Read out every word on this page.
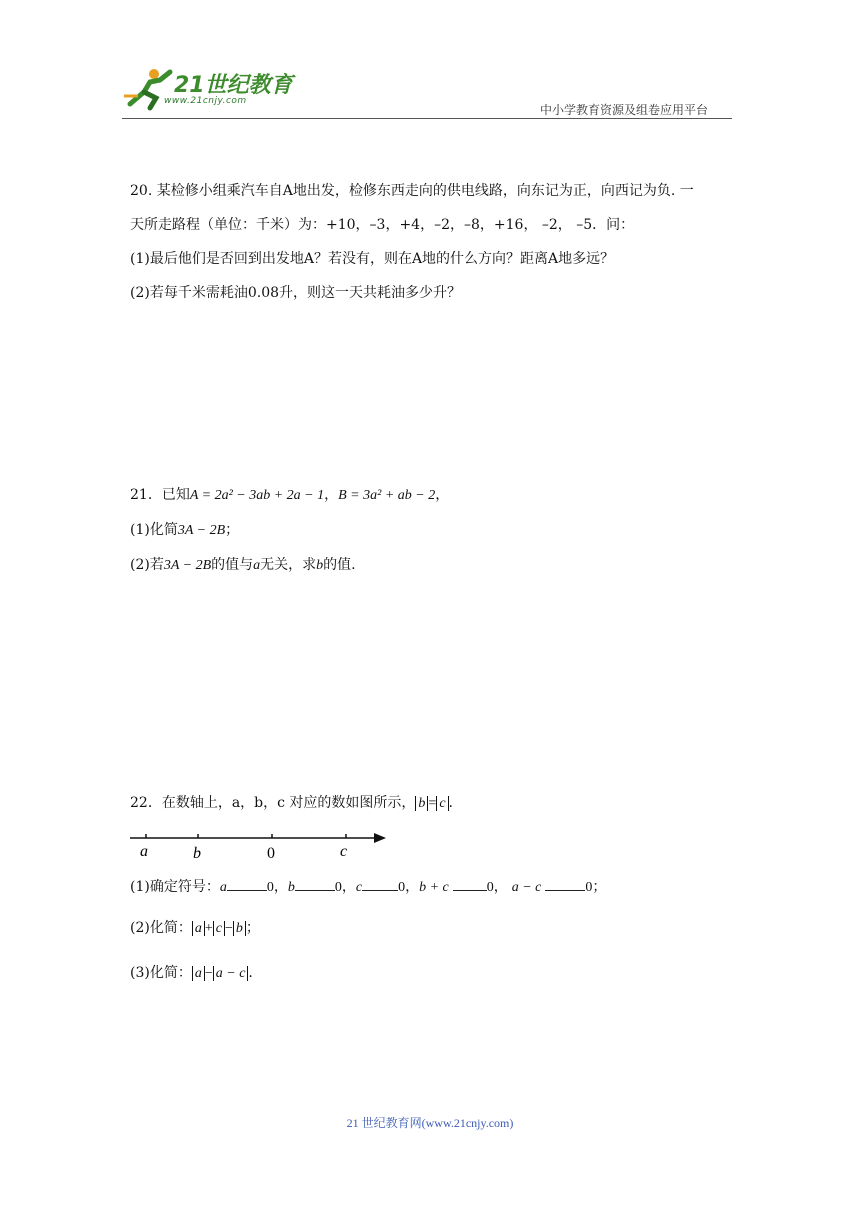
21世纪教育
www.21cnjy.com
中小学教育资源及组卷应用平台
20. 某检修小组乘汽车自A地出发，检修东西走向的供电线路，向东记为正，向西记为负. 一
天所走路程（单位：千米）为：+10，–3，+4，–2，–8，+16， –2， –5．问：
(1)最后他们是否回到出发地A？若没有，则在A地的什么方向？距离A地多远？
(2)若每千米需耗油0.08升，则这一天共耗油多少升？
21．已知A = 2a² − 3ab + 2a − 1，B = 3a² + ab − 2，
(1)化简3A − 2B；
(2)若3A − 2B的值与a无关，求b的值.
22．在数轴上，a，b，c 对应的数如图所示， b = c .
a	b	0	c
(1)确定符号：a	0，b	0，c	0，b + c	0， a − c	0；
(2)化简： a + c − b ；
(3)化简： a − a − c .
21 世纪教育网(www.21cnjy.com)
